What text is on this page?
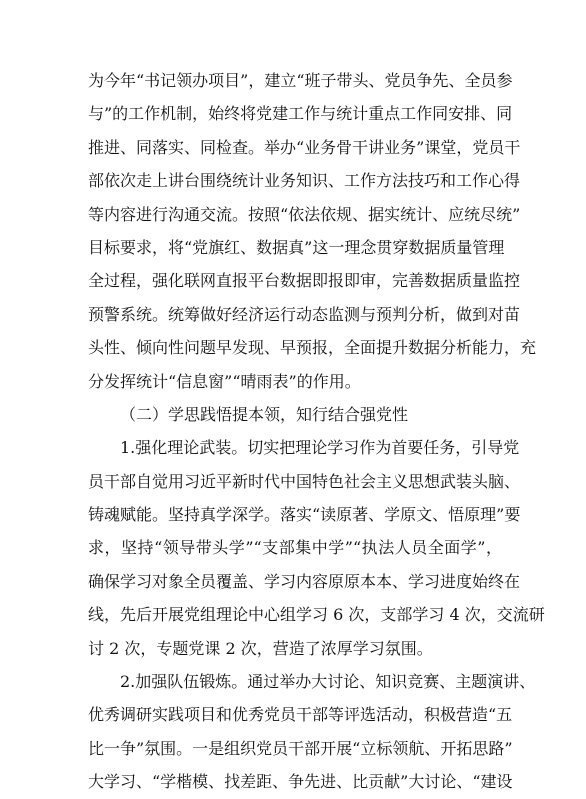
为今年“书记领办项目”，建立“班子带头、党员争先、全员参
与”的工作机制，始终将党建工作与统计重点工作同安排、同
推进、同落实、同检查。举办“业务骨干讲业务”课堂，党员干
部依次走上讲台围绕统计业务知识、工作方法技巧和工作心得
等内容进行沟通交流。按照“依法依规、据实统计、应统尽统”
目标要求，将“党旗红、数据真”这一理念贯穿数据质量管理
全过程，强化联网直报平台数据即报即审，完善数据质量监控
预警系统。统筹做好经济运行动态监测与预判分析，做到对苗
头性、倾向性问题早发现、早预报，全面提升数据分析能力，充
分发挥统计“信息窗”“晴雨表”的作用。
（二）学思践悟提本领，知行结合强党性
1.强化理论武装。切实把理论学习作为首要任务，引导党
员干部自觉用习近平新时代中国特色社会主义思想武装头脑、
铸魂赋能。坚持真学深学。落实“读原著、学原文、悟原理”要
求，坚持“领导带头学”“支部集中学”“执法人员全面学”，
确保学习对象全员覆盖、学习内容原原本本、学习进度始终在
线，先后开展党组理论中心组学习 6 次，支部学习 4 次，交流研
讨 2 次，专题党课 2 次，营造了浓厚学习氛围。
2.加强队伍锻炼。通过举办大讨论、知识竞赛、主题演讲、
优秀调研实践项目和优秀党员干部等评选活动，积极营造“五
比一争”氛围。一是组织党员干部开展“立标领航、开拓思路”
大学习、“学楷模、找差距、争先进、比贡献”大讨论、“建设
